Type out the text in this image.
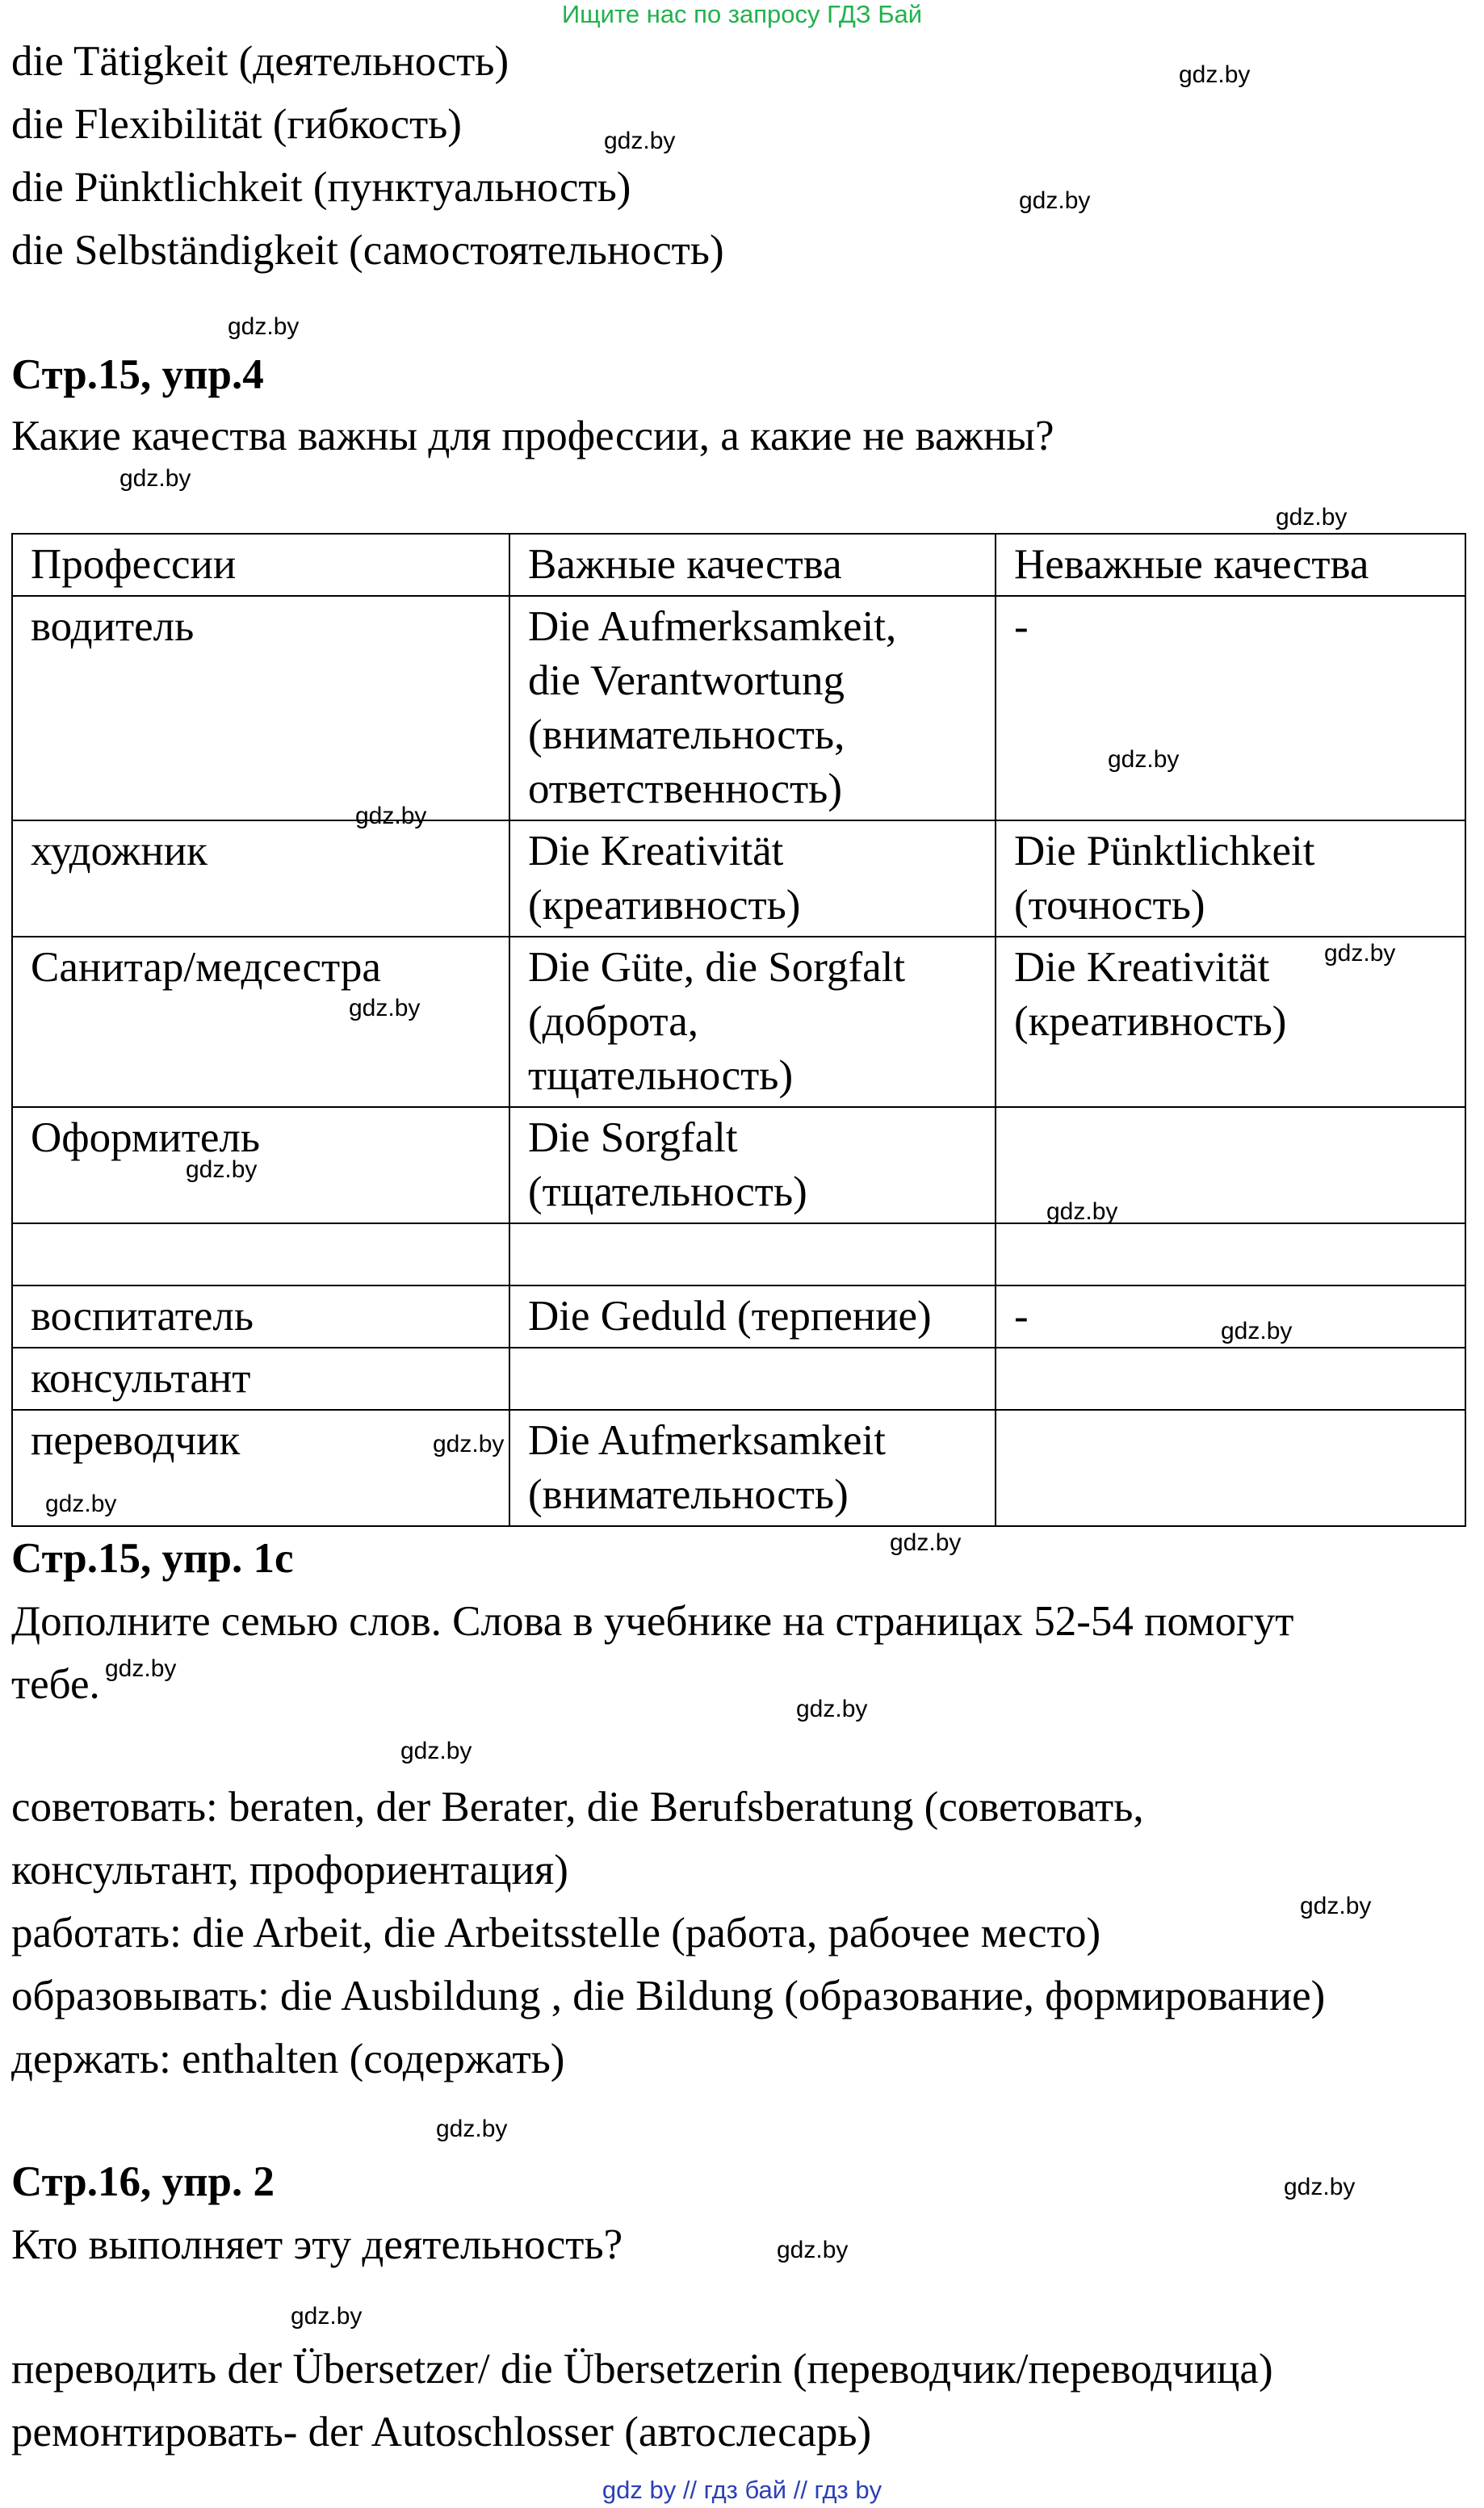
Ищите нас по запросу ГДЗ Бай
die Tätigkeit (деятельность)
die Flexibilität (гибкость)
die Pünktlichkeit (пунктуальность)
die Selbständigkeit (самостоятельность)
Стр.15, упр.4
Какие качества важны для профессии, а какие не важны?
Профессии	Важные качества	Неважные качества
водитель	Die Aufmerksamkeit,
die Verantwortung
(внимательность,
ответственность)	-

художник	Die Kreativität
(креативность)	Die Pünktlichkeit
(точность)

Санитар/медсестра	Die Güte, die Sorgfalt
(доброта,
тщательность)	Die Kreativität
(креативность)

Оформитель	Die Sorgfalt
(тщательность)	

воспитатель	Die Geduld (терпение)	-

консультант		
переводчик	Die Aufmerksamkeit
(внимательность)	

Стр.15, упр. 1с
Дополните семью слов. Слова в учебнике на страницах 52-54 помогут
тебе.
советовать: beraten, der Berater, die Berufsberatung (советовать,
консультант, профориентация)
работать: die Arbeit, die Arbeitsstelle (работа, рабочее место)
образовывать: die Ausbildung , die Bildung (образование, формирование)
держать: enthalten (содержать)
Стр.16, упр. 2
Кто выполняет эту деятельность?
переводить der Übersetzer/ die Übersetzerin (переводчик/переводчица)
ремонтировать- der Autoschlosser (автослесарь)
gdz.by
gdz.by
gdz.by
gdz.by
gdz.by
gdz.by
gdz.by
gdz.by
gdz.by
gdz.by
gdz.by
gdz.by
gdz.by
gdz.by
gdz.by
gdz.by
gdz.by
gdz.by
gdz.by
gdz.by
gdz.by
gdz.by
gdz.by
gdz.by
gdz by // гдз бай // гдз by
